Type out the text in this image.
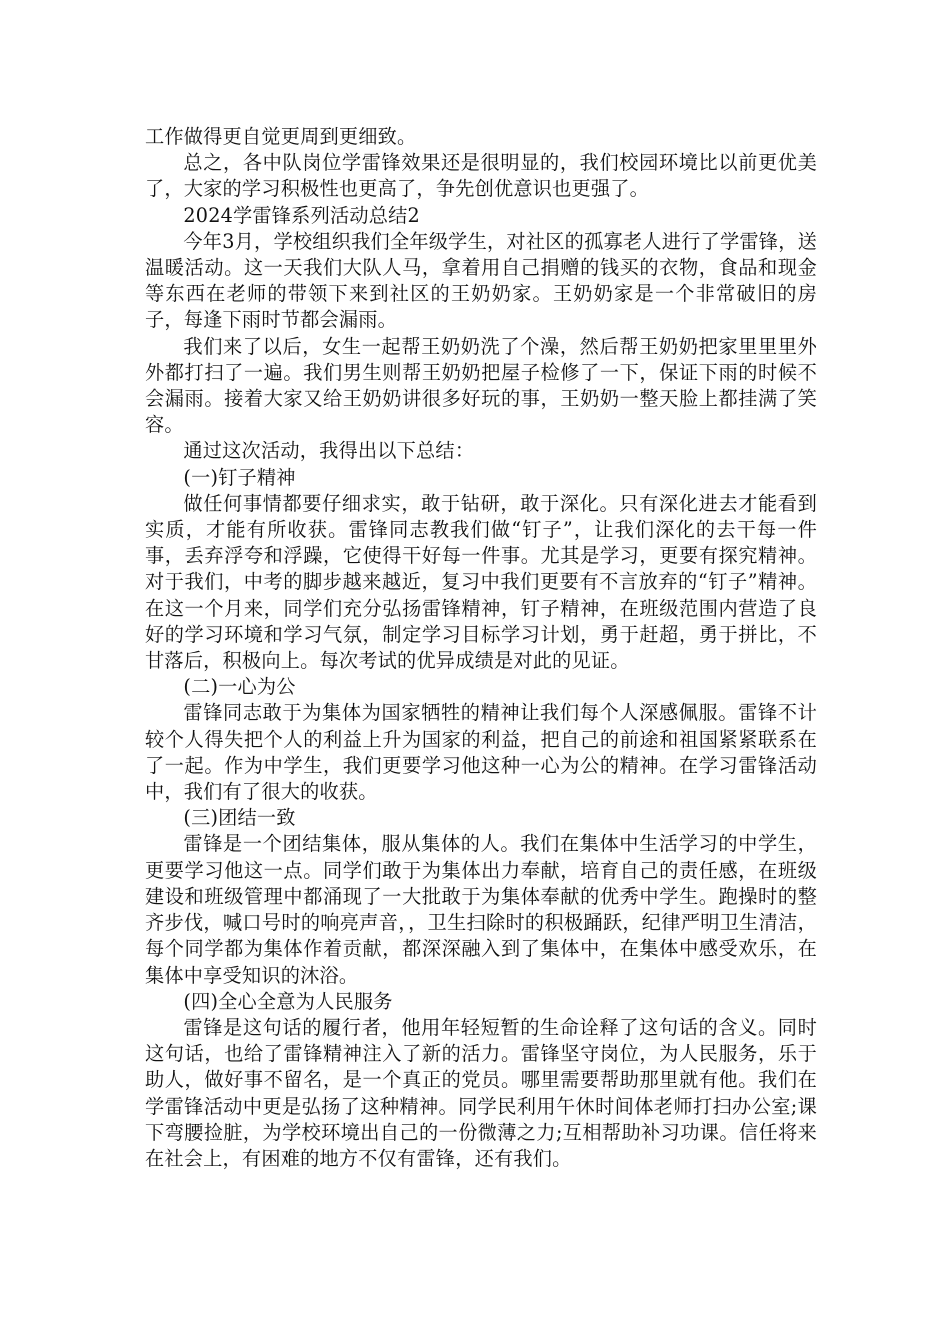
工作做得更自觉更周到更细致。

总之，各中队岗位学雷锋效果还是很明显的，我们校园环境比以前更优美了，大家的学习积极性也更高了，争先创优意识也更强了。

2024学雷锋系列活动总结2

今年3月，学校组织我们全年级学生，对社区的孤寡老人进行了学雷锋，送温暖活动。这一天我们大队人马，拿着用自己捐赠的钱买的衣物，食品和现金等东西在老师的带领下来到社区的王奶奶家。王奶奶家是一个非常破旧的房子，每逢下雨时节都会漏雨。

我们来了以后，女生一起帮王奶奶洗了个澡，然后帮王奶奶把家里里里外外都打扫了一遍。我们男生则帮王奶奶把屋子检修了一下，保证下雨的时候不会漏雨。接着大家又给王奶奶讲很多好玩的事，王奶奶一整天脸上都挂满了笑容。

通过这次活动，我得出以下总结：

(一)钉子精神

做任何事情都要仔细求实，敢于钻研，敢于深化。只有深化进去才能看到实质，才能有所收获。雷锋同志教我们做“钉子”，让我们深化的去干每一件事，丢弃浮夸和浮躁，它使得干好每一件事。尤其是学习，更要有探究精神。对于我们，中考的脚步越来越近，复习中我们更要有不言放弃的“钉子”精神。在这一个月来，同学们充分弘扬雷锋精神，钉子精神，在班级范围内营造了良好的学习环境和学习气氛，制定学习目标学习计划，勇于赶超，勇于拼比，不甘落后，积极向上。每次考试的优异成绩是对此的见证。

(二)一心为公

雷锋同志敢于为集体为国家牺牲的精神让我们每个人深感佩服。雷锋不计较个人得失把个人的利益上升为国家的利益，把自己的前途和祖国紧紧联系在了一起。作为中学生，我们更要学习他这种一心为公的精神。在学习雷锋活动中，我们有了很大的收获。

(三)团结一致

雷锋是一个团结集体，服从集体的人。我们在集体中生活学习的中学生，更要学习他这一点。同学们敢于为集体出力奉献，培育自己的责任感，在班级建设和班级管理中都涌现了一大批敢于为集体奉献的优秀中学生。跑操时的整齐步伐，喊口号时的响亮声音，，卫生扫除时的积极踊跃，纪律严明卫生清洁，每个同学都为集体作着贡献，都深深融入到了集体中，在集体中感受欢乐，在集体中享受知识的沐浴。

(四)全心全意为人民服务

雷锋是这句话的履行者，他用年轻短暂的生命诠释了这句话的含义。同时这句话，也给了雷锋精神注入了新的活力。雷锋坚守岗位，为人民服务，乐于助人，做好事不留名，是一个真正的党员。哪里需要帮助那里就有他。我们在学雷锋活动中更是弘扬了这种精神。同学民利用午休时间体老师打扫办公室;课下弯腰捡脏，为学校环境出自己的一份微薄之力;互相帮助补习功课。信任将来在社会上，有困难的地方不仅有雷锋，还有我们。
